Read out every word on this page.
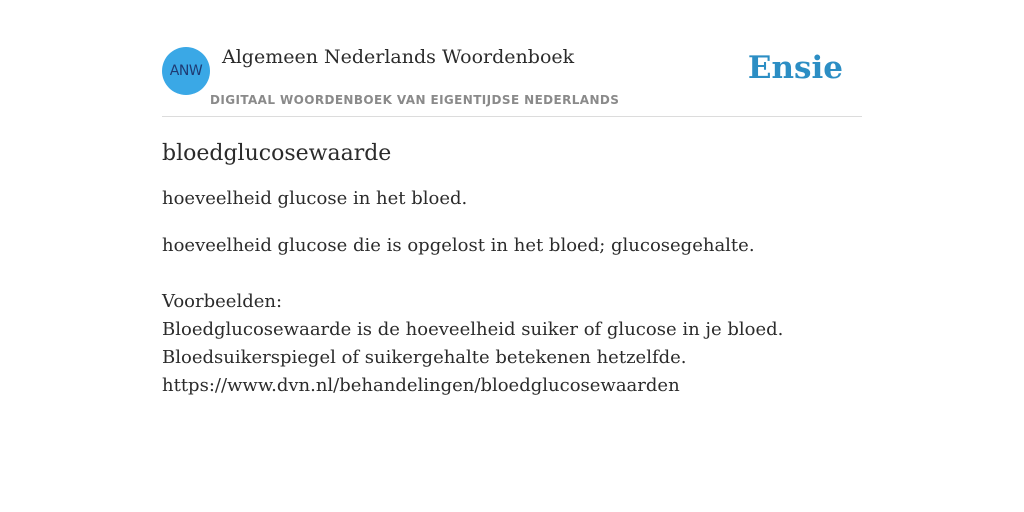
ANW
Algemeen Nederlands Woordenboek
DIGITAAL WOORDENBOEK VAN EIGENTIJDSE NEDERLANDS
Ensie
bloedglucosewaarde

hoeveelheid glucose in het bloed.

hoeveelheid glucose die is opgelost in het bloed; glucosegehalte.

Voorbeelden:
Bloedglucosewaarde is de hoeveelheid suiker of glucose in je bloed.
Bloedsuikerspiegel of suikergehalte betekenen hetzelfde.
https://www.dvn.nl/behandelingen/bloedglucosewaarden
